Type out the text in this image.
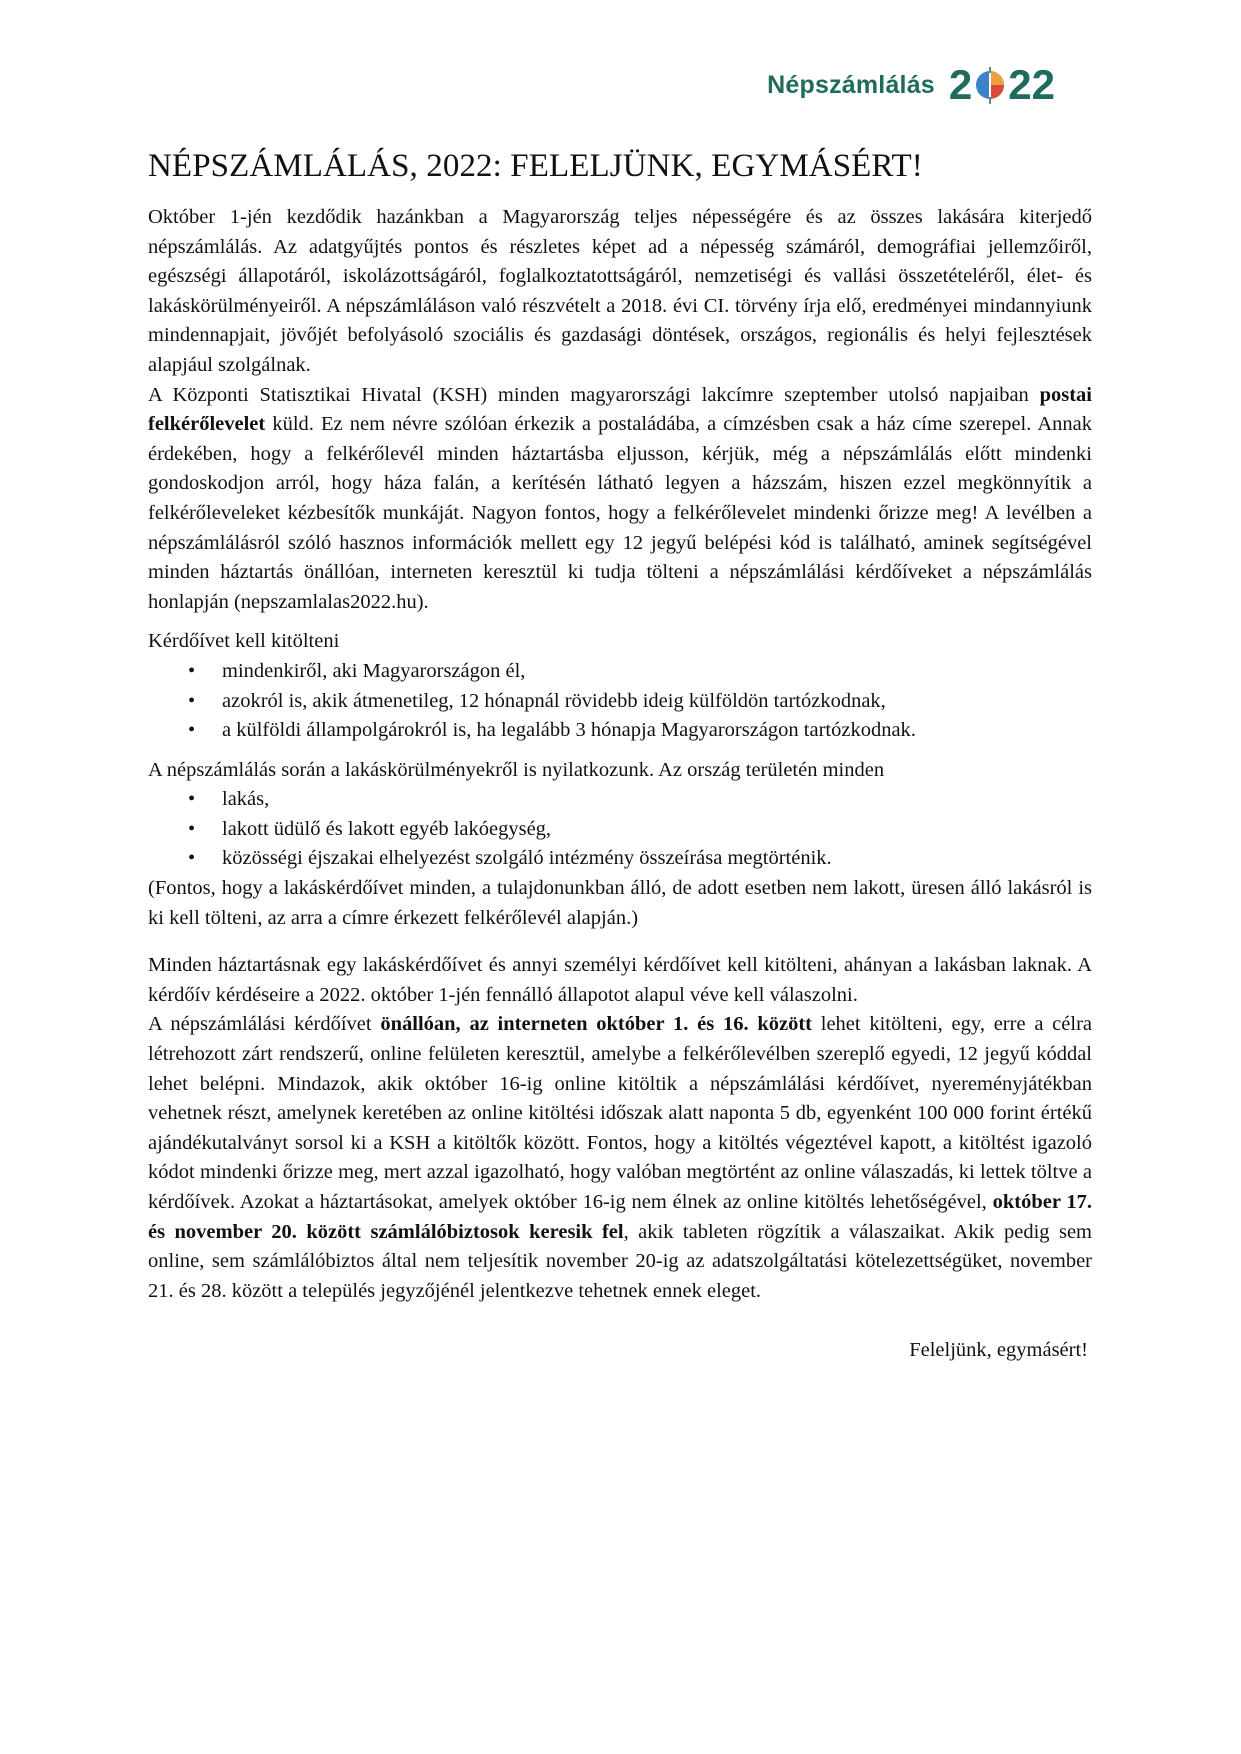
Népszámlálás 2 22
NÉPSZÁMLÁLÁS, 2022: FELELJÜNK, EGYMÁSÉRT!

Október 1-jén kezdődik hazánkban a Magyarország teljes népességére és az összes lakására kiterjedő népszámlálás. Az adatgyűjtés pontos és részletes képet ad a népesség számáról, demográfiai jellemzőiről, egészségi állapotáról, iskolázottságáról, foglalkoztatottságáról, nemzetiségi és vallási összetételéről, élet- és lakáskörülményeiről. A népszámláláson való részvételt a 2018. évi CI. törvény írja elő, eredményei mindannyiunk mindennapjait, jövőjét befolyásoló szociális és gazdasági döntések, országos, regionális és helyi fejlesztések alapjául szolgálnak.

A Központi Statisztikai Hivatal (KSH) minden magyarországi lakcímre szeptember utolsó napjaiban postai felkérőlevelet küld. Ez nem névre szólóan érkezik a postaládába, a címzésben csak a ház címe szerepel. Annak érdekében, hogy a felkérőlevél minden háztartásba eljusson, kérjük, még a népszámlálás előtt mindenki gondoskodjon arról, hogy háza falán, a kerítésén látható legyen a házszám, hiszen ezzel megkönnyítik a felkérőleveleket kézbesítők munkáját. Nagyon fontos, hogy a felkérőlevelet mindenki őrizze meg! A levélben a népszámlálásról szóló hasznos információk mellett egy 12 jegyű belépési kód is található, aminek segítségével minden háztartás önállóan, interneten keresztül ki tudja tölteni a népszámlálási kérdőíveket a népszámlálás honlapján (nepszamlalas2022.hu).

Kérdőívet kell kitölteni

• mindenkiről, aki Magyarországon él,
• azokról is, akik átmenetileg, 12 hónapnál rövidebb ideig külföldön tartózkodnak,
• a külföldi állampolgárokról is, ha legalább 3 hónapja Magyarországon tartózkodnak.

A népszámlálás során a lakáskörülményekről is nyilatkozunk. Az ország területén minden

• lakás,
• lakott üdülő és lakott egyéb lakóegység,
• közösségi éjszakai elhelyezést szolgáló intézmény összeírása megtörténik.

(Fontos, hogy a lakáskérdőívet minden, a tulajdonunkban álló, de adott esetben nem lakott, üresen álló lakásról is ki kell tölteni, az arra a címre érkezett felkérőlevél alapján.)

Minden háztartásnak egy lakáskérdőívet és annyi személyi kérdőívet kell kitölteni, ahányan a lakásban laknak. A kérdőív kérdéseire a 2022. október 1-jén fennálló állapotot alapul véve kell válaszolni.

A népszámlálási kérdőívet önállóan, az interneten október 1. és 16. között lehet kitölteni, egy, erre a célra létrehozott zárt rendszerű, online felületen keresztül, amelybe a felkérőlevélben szereplő egyedi, 12 jegyű kóddal lehet belépni. Mindazok, akik október 16-ig online kitöltik a népszámlálási kérdőívet, nyereményjátékban vehetnek részt, amelynek keretében az online kitöltési időszak alatt naponta 5 db, egyenként 100 000 forint értékű ajándékutalványt sorsol ki a KSH a kitöltők között. Fontos, hogy a kitöltés végeztével kapott, a kitöltést igazoló kódot mindenki őrizze meg, mert azzal igazolható, hogy valóban megtörtént az online válaszadás, ki lettek töltve a kérdőívek. Azokat a háztartásokat, amelyek október 16-ig nem élnek az online kitöltés lehetőségével, október 17. és november 20. között számlálóbiztosok keresik fel, akik tableten rögzítik a válaszaikat. Akik pedig sem online, sem számlálóbiztos által nem teljesítik november 20-ig az adatszolgáltatási kötelezettségüket, november 21. és 28. között a település jegyzőjénél jelentkezve tehetnek ennek eleget.

Feleljünk, egymásért!
